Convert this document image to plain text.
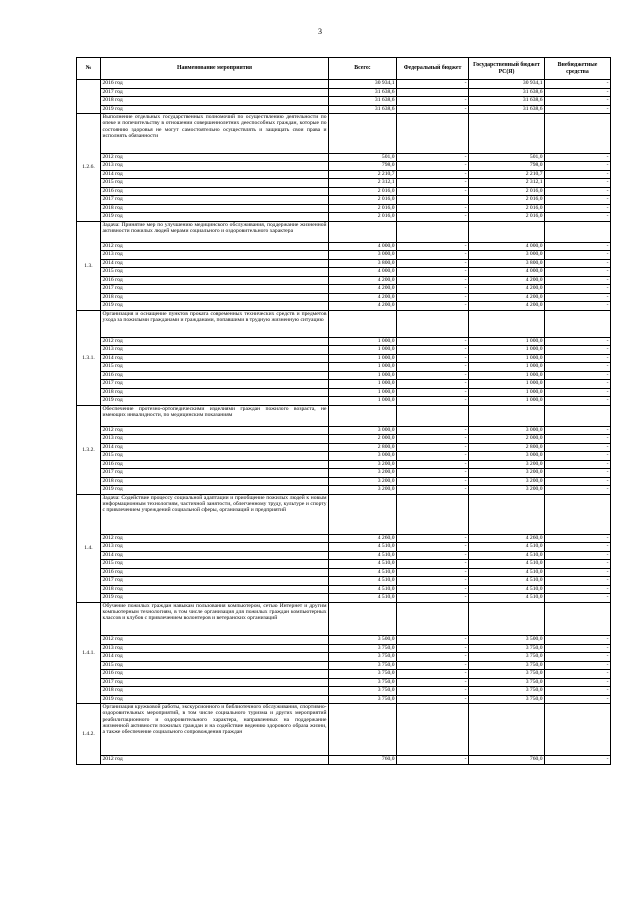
3
№	Наименование мероприятия	Всего:	Федеральный бюджет	Государственный бюджет РС(Я)	Внебюджетные средства
	2016 год	30 934,1	-	30 934,1	-
	2017 год	31 638,6		31 638,6	-
	2018 год	31 638,6	-	31 638,6	-
	2019 год	31 638,6	-	31 638,6	-
1.2.6.	Выполнение отдельных государственных полномочий по осуществлению деятельности по опеке и попечительству в отношении совершеннолетних дееспособных граждан, которые по состоянию здоровья не могут самостоятельно осуществлять и защищать свои права и исполнять обязанности				
	2012 год	501,0	-	501,0	-
	2013 год	798,0	-	798,0	-
	2014 год	2 210,7	-	2 210,7	-
	2015 год	2 312,1	-	2 312,1	-
	2016 год	2 016,0	-	2 016,0	-
	2017 год	2 016,0		2 016,0	-
	2018 год	2 016,0	-	2 016,0	-
	2019 год	2 016,0	-	2 016,0	-
1.3.	Задача: Принятие мер по улучшению медицинского обслуживания, поддержание жизненной активности пожилых людей мерами социального и оздоровительного характера				
	2012 год	4 000,0	-	4 000,0	-
	2013 год	3 000,0	-	3 000,0	-
	2014 год	3 800,0	-	3 800,0	-
	2015 год	4 000,0	-	4 000,0	-
	2016 год	4 200,0	-	4 200,0	-
	2017 год	4 200,0	-	4 200,0	-
	2018 год	4 200,0	-	4 200,0	-
	2019 год	4 200,0	-	4 200,0	-
1.3.1.	Организация и оснащение пунктов проката современных технических средств и предметов ухода за пожилыми гражданами и гражданами, попавшими в трудную жизненную ситуацию				
	2012 год	1 000,0	-	1 000,0	-
	2013 год	1 000,0	-	1 000,0	-
	2014 год	1 000,0	-	1 000,0	-
	2015 год	1 000,0	-	1 000,0	-
	2016 год	1 000,0	-	1 000,0	-
	2017 год	1 000,0	-	1 000,0	-
	2018 год	1 000,0	-	1 000,0	-
	2019 год	1 000,0	-	1 000,0	-
1.3.2.	Обеспечение протезно-ортопедическими изделиями граждан пожилого возраста, не имеющих инвалидности, по медицинским показаниям				
	2012 год	3 000,0	-	3 000,0	-
	2013 год	2 000,0	-	2 000,0	-
	2014 год	2 800,0	-	2 800,0	-
	2015 год	3 000,0	-	3 000,0	-
	2016 год	3 200,0	-	3 200,0	-
	2017 год	3 200,0	-	3 200,0	-
	2018 год	3 200,0	-	3 200,0	-
	2019 год	3 200,0	-	3 200,0	-
1.4.	Задача: Содействие процессу социальной адаптации и приобщение пожилых людей к новым информационным технологиям, частичной занятости, облегченному труду, культуре и спорту с привлечением учреждений социальной сферы, организаций и предприятий				
	2012 год	4 260,0	-	4 260,0	-
	2013 год	4 510,0	-	4 510,0	-
	2014 год	4 510,0	-	4 510,0	-
	2015 год	4 510,0	-	4 510,0	-
	2016 год	4 510,0	-	4 510,0	-
	2017 год	4 510,0	-	4 510,0	-
	2018 год	4 510,0	-	4 510,0	-
	2019 год	4 510,0	-	4 510,0	-
1.4.1.	Обучение пожилых граждан навыкам пользования компьютером, сетью Интернет и другим компьютерным технологиям, в том числе организация для пожилых граждан компьютерных классов и клубов с привлечением волонтеров и ветеранских организаций				
	2012 год	3 500,0	-	3 500,0	-
	2013 год	3 750,0	-	3 750,0	-
	2014 год	3 750,0	-	3 750,0	-
	2015 год	3 750,0	-	3 750,0	-
	2016 год	3 750,0	-	3 750,0	-
	2017 год	3 750,0	-	3 750,0	-
	2018 год	3 750,0	-	3 750,0	-
	2019 год	3 750,0	-	3 750,0	-
1.4.2.	Организация кружковой работы, экскурсионного и библиотечного обслуживания, спортивно-оздоровительных мероприятий, в том числе социального туризма и других мероприятий реабилитационного и оздоровительного характера, направленных на поддержание жизненной активности пожилых граждан и на содействие ведению здорового образа жизни, а также обеспечение социального сопровождения граждан				
	2012 год	760,0	-	760,0	-
